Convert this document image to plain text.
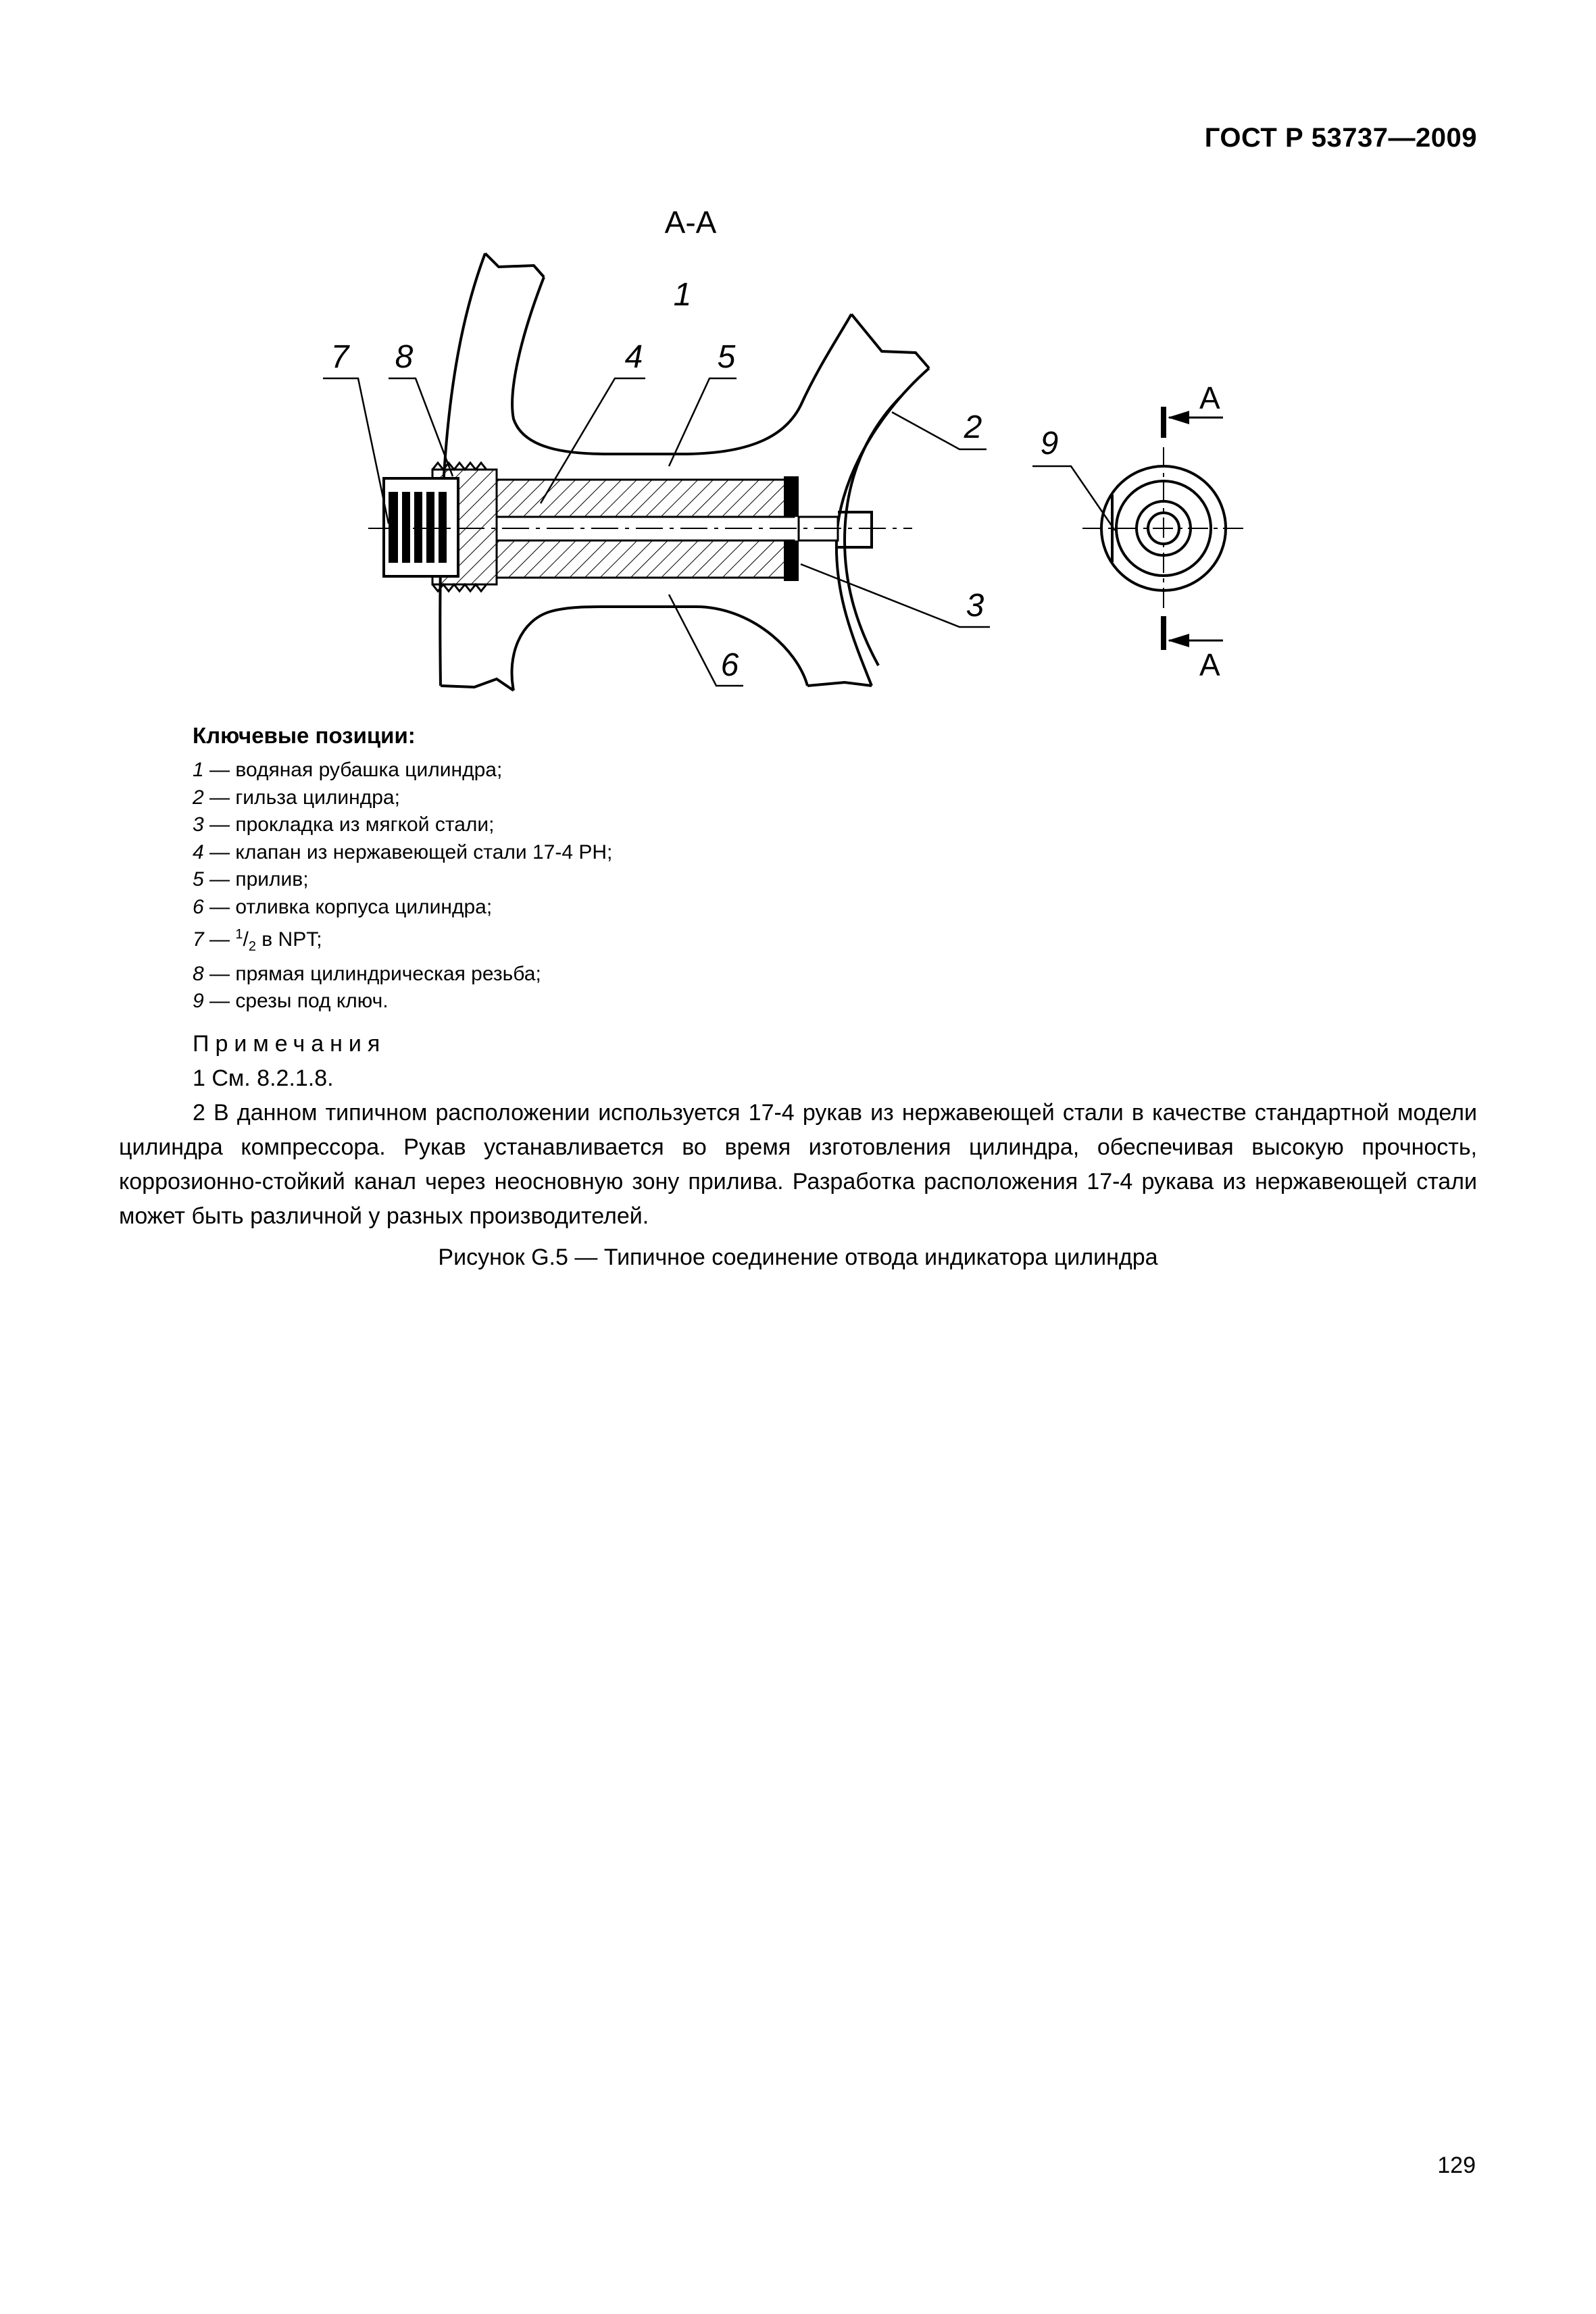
ГОСТ Р 53737—2009
А-А
1
2
3
4 5
6
7 8
9
А
А
Ключевые позиции:
1 — водяная рубашка цилиндра;
2 — гильза цилиндра;
3 — прокладка из мягкой стали;
4 — клапан из нержавеющей стали 17-4 РН;
5 — прилив;
6 — отливка корпуса цилиндра;
7 — $^1/_2$ в NPT;
8 — прямая цилиндрическая резьба;
9 — срезы под ключ.
Примечания
1 См. 8.2.1.8.
2 В данном типичном расположении используется 17-4 рукав из нержавеющей стали в качестве стандартной модели цилиндра компрессора. Рукав устанавливается во время изготовления цилиндра, обеспечивая высокую прочность, коррозионно-стойкий канал через неосновную зону прилива. Разработка расположения 17-4 рукава из нержавеющей стали может быть различной у разных производителей.
Рисунок G.5 — Типичное соединение отвода индикатора цилиндра
129
